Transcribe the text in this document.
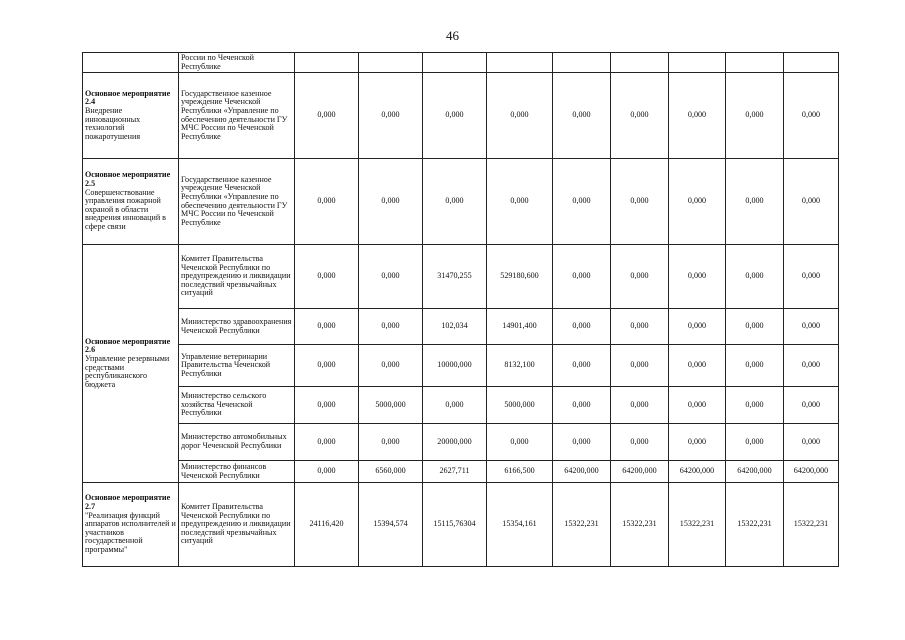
46
	России по Чеченской Республике									

Основное мероприятие 2.4
Внедрение инновационных технологий пожаротушения	Государственное казенное учреждение Чеченской Республики «Управление по обеспечению деятельности ГУ МЧС России по Чеченской Республике	0,000	0,000	0,000	0,000	0,000	0,000	0,000	0,000	0,000

Основное мероприятие 2.5
Совершенствование управления пожарной охраной в области внедрения инноваций в сфере связи	Государственное казенное учреждение Чеченской Республики «Управление по обеспечению деятельности ГУ МЧС России по Чеченской Республике	0,000	0,000	0,000	0,000	0,000	0,000	0,000	0,000	0,000

Основное мероприятие 2.6
Управление резервными средствами республиканского бюджета	Комитет Правительства Чеченской Республики по предупреждению и ликвидации последствий чрезвычайных ситуаций	0,000	0,000	31470,255	529180,600	0,000	0,000	0,000	0,000	0,000
	Министерство здравоохранения Чеченской Республики	0,000	0,000	102,034	14901,400	0,000	0,000	0,000	0,000	0,000
	Управление ветеринарии Правительства Чеченской Республики	0,000	0,000	10000,000	8132,100	0,000	0,000	0,000	0,000	0,000
	Министерство сельского хозяйства Чеченской Республики	0,000	5000,000	0,000	5000,000	0,000	0,000	0,000	0,000	0,000
	Министерство автомобильных дорог Чеченской Республики	0,000	0,000	20000,000	0,000	0,000	0,000	0,000	0,000	0,000
	Министерство финансов Чеченской Республики	0,000	6560,000	2627,711	6166,500	64200,000	64200,000	64200,000	64200,000	64200,000

Основное мероприятие 2.7
"Реализация функций аппаратов исполнителей и участников государственной программы"	Комитет Правительства Чеченской Республики по предупреждению и ликвидации последствий чрезвычайных ситуаций	24116,420	15394,574	15115,76304	15354,161	15322,231	15322,231	15322,231	15322,231	15322,231
